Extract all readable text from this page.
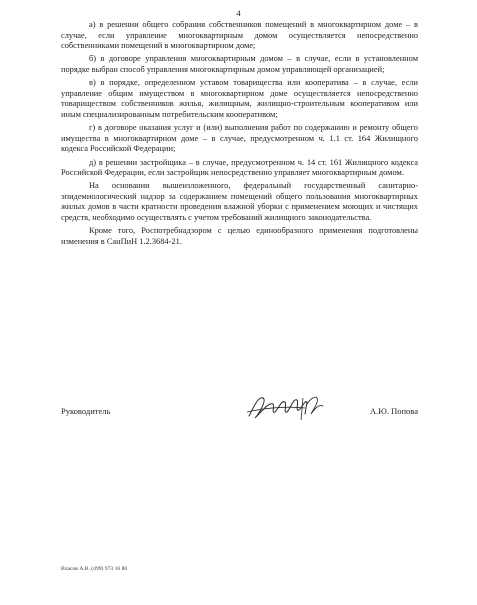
4

а) в решении общего собрания собственников помещений в многоквартирном доме – в случае, если управление многоквартирным домом осуществляется непосредственно собственниками помещений в многоквартирном доме;

б) в договоре управления многоквартирным домом – в случае, если в установленном порядке выбран способ управления многоквартирным домом управляющей организацией;

в) в порядке, определенном уставом товарищества или кооператива – в случае, если управление общим имуществом в многоквартирном доме осуществляется непосредственно товариществом собственников жилья, жилищным, жилищно-строительным кооперативом или иным специализированным потребительским кооперативом;

г) в договоре оказания услуг и (или) выполнения работ по содержанию и ремонту общего имущества в многоквартирном доме – в случае, предусмотренном ч. 1.1 ст. 164 Жилищного кодекса Российской Федерации;

д) в решении застройщика – в случае, предусмотренном ч. 14 ст. 161 Жилищного кодекса Российской Федерации, если застройщик непосредственно управляет многоквартирным домом.

На основании вышеизложенного, федеральный государственный санитарно-эпидемиологический надзор за содержанием помещений общего пользования многоквартирных жилых домов в части кратности проведения влажной уборки с применением моющих и чистящих средств, необходимо осуществлять с учетом требований жилищного законодательства.

Кроме того, Роспотребнадзором с целью единообразного применения подготовлены изменения в СанПиН 1.2.3684-21.

Руководитель	А.Ю. Попова
Власов А.В. (499) 973 16 80
